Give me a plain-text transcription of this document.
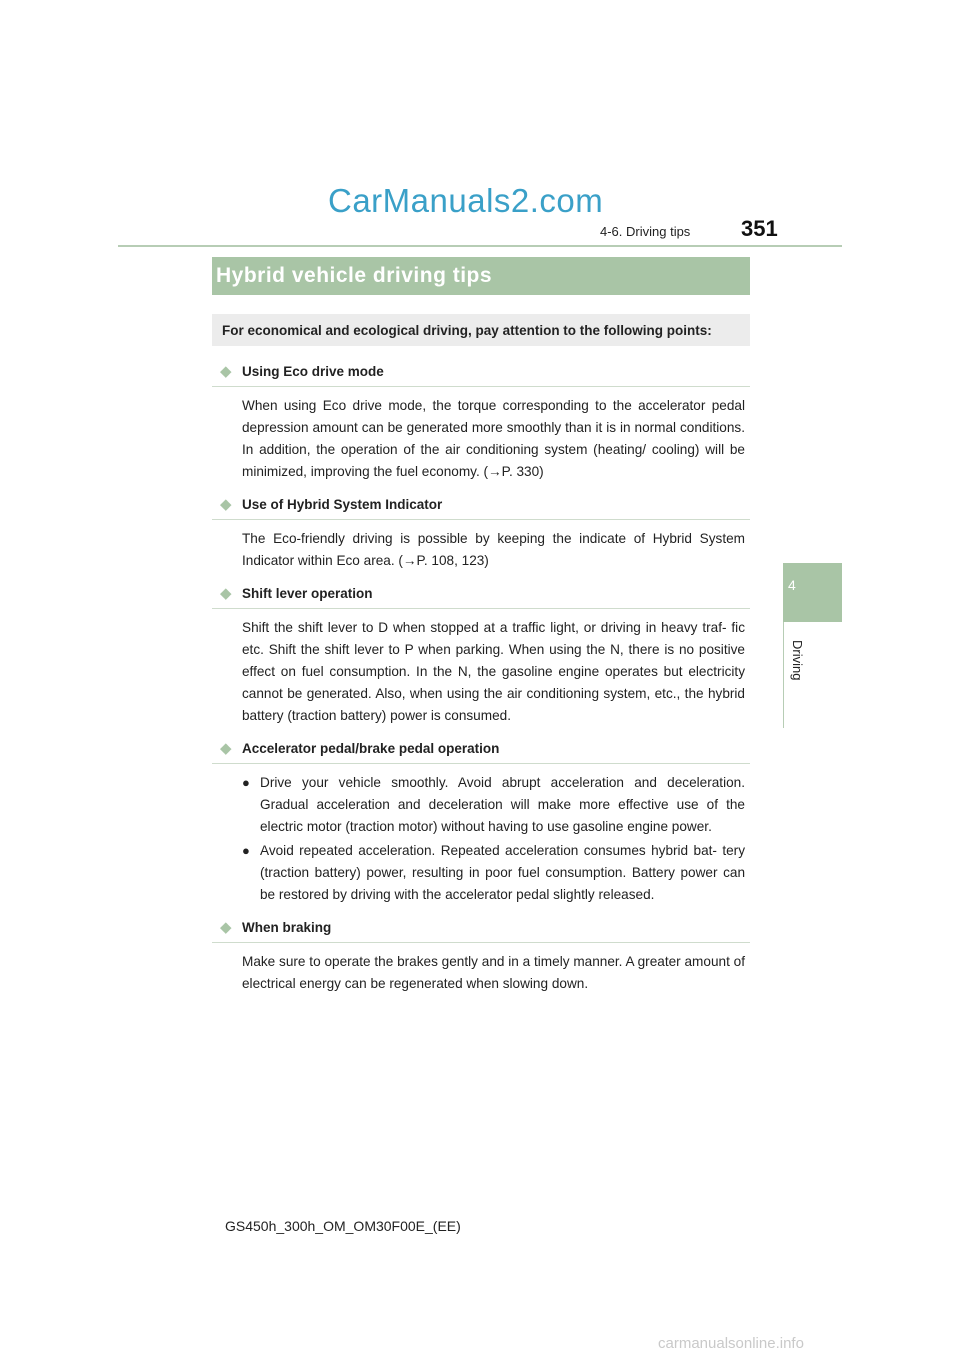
CarManuals2.com
4-6. Driving tips 351
4
Driving
Hybrid vehicle driving tips
For economical and ecological driving, pay attention to the following points:
◆ Using Eco drive mode
When using Eco drive mode, the torque corresponding to the accelerator pedal depression amount can be generated more smoothly than it is in normal conditions. In addition, the operation of the air conditioning system (heating/ cooling) will be minimized, improving the fuel economy. (→P. 330)
◆ Use of Hybrid System Indicator
The Eco-friendly driving is possible by keeping the indicate of Hybrid System Indicator within Eco area. (→P. 108, 123)
◆ Shift lever operation
Shift the shift lever to D when stopped at a traffic light, or driving in heavy traf- fic etc. Shift the shift lever to P when parking. When using the N, there is no positive effect on fuel consumption. In the N, the gasoline engine operates but electricity cannot be generated. Also, when using the air conditioning system, etc., the hybrid battery (traction battery) power is consumed.
◆ Accelerator pedal/brake pedal operation
● Drive your vehicle smoothly. Avoid abrupt acceleration and deceleration. Gradual acceleration and deceleration will make more effective use of the electric motor (traction motor) without having to use gasoline engine power.
● Avoid repeated acceleration. Repeated acceleration consumes hybrid bat- tery (traction battery) power, resulting in poor fuel consumption. Battery power can be restored by driving with the accelerator pedal slightly released.
◆ When braking
Make sure to operate the brakes gently and in a timely manner. A greater amount of electrical energy can be regenerated when slowing down.
GS450h_300h_OM_OM30F00E_(EE)
carmanualsonline.info
